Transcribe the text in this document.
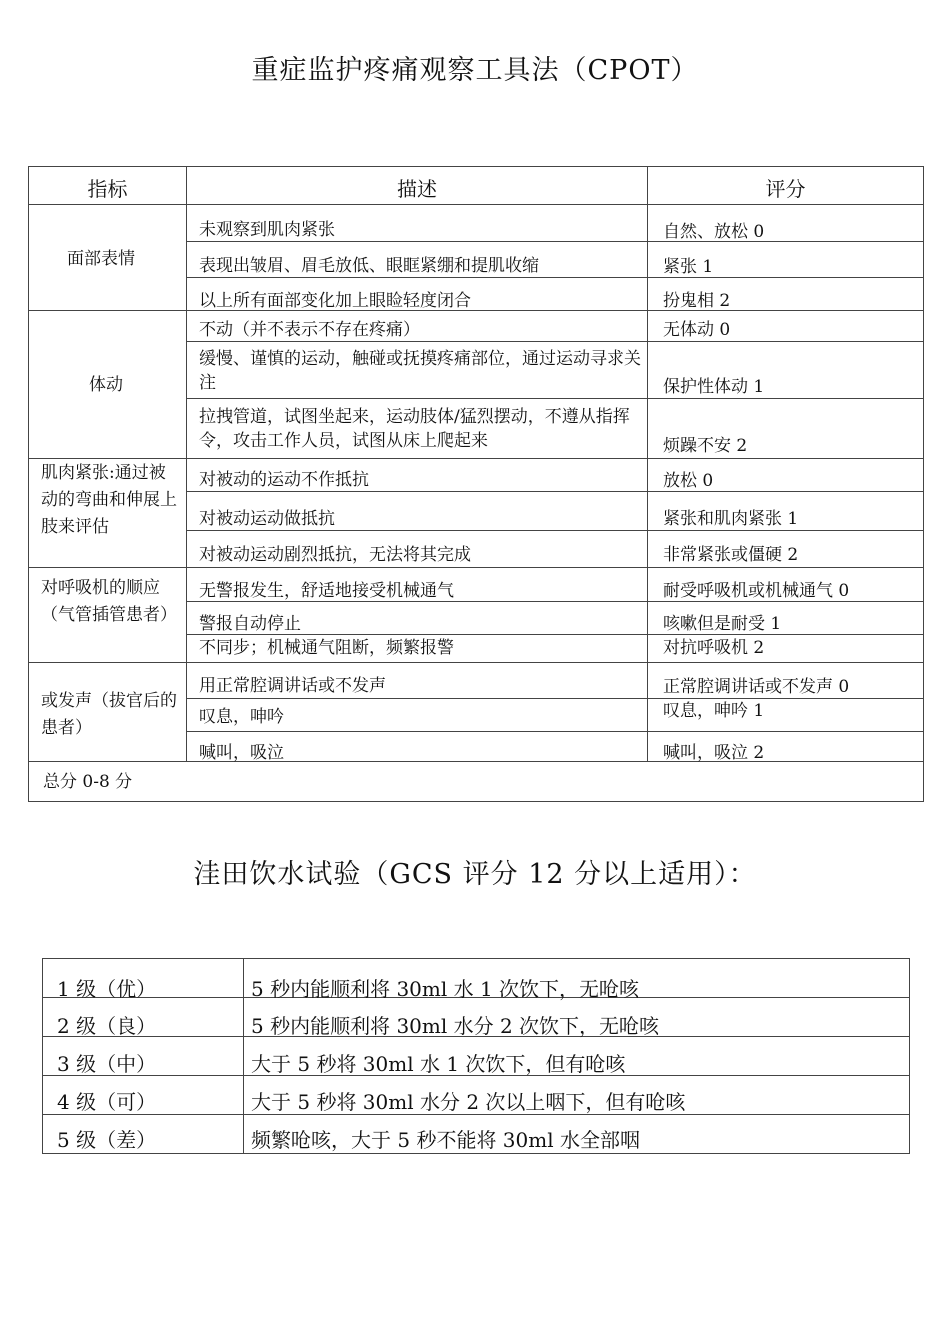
重症监护疼痛观察工具法（CPOT）
指标	描述	评分
面部表情
未观察到肌肉紧张	自然、放松 0
表现出皱眉、眉毛放低、眼眶紧绷和提肌收缩	紧张 1
以上所有面部变化加上眼睑轻度闭合	扮鬼相 2
体动
不动（并不表示不存在疼痛）	无体动 0
缓慢、谨慎的运动，触碰或抚摸疼痛部位，通过运动寻求关注	保护性体动 1
拉拽管道，试图坐起来，运动肢体/猛烈摆动，不遵从指挥令，攻击工作人员，试图从床上爬起来	烦躁不安 2
肌肉紧张:通过被动的弯曲和伸展上肢来评估
对被动的运动不作抵抗	放松 0
对被动运动做抵抗	紧张和肌肉紧张 1
对被动运动剧烈抵抗，无法将其完成	非常紧张或僵硬 2
对呼吸机的顺应（气管插管患者）
无警报发生，舒适地接受机械通气	耐受呼吸机或机械通气 0
警报自动停止	咳嗽但是耐受 1
不同步；机械通气阻断，频繁报警	对抗呼吸机 2
或发声（拔官后的患者）
用正常腔调讲话或不发声	正常腔调讲话或不发声 0
叹息，呻吟	叹息，呻吟 1
喊叫，吸泣	喊叫，吸泣 2
总分 0-8 分
洼田饮水试验（GCS 评分 12 分以上适用）：
1 级（优）	5 秒内能顺利将 30ml 水 1 次饮下，无呛咳
2 级（良）	5 秒内能顺利将 30ml 水分 2 次饮下，无呛咳
3 级（中）	大于 5 秒将 30ml 水 1 次饮下，但有呛咳
4 级（可）	大于 5 秒将 30ml 水分 2 次以上咽下，但有呛咳
5 级（差）	频繁呛咳，大于 5 秒不能将 30ml 水全部咽
